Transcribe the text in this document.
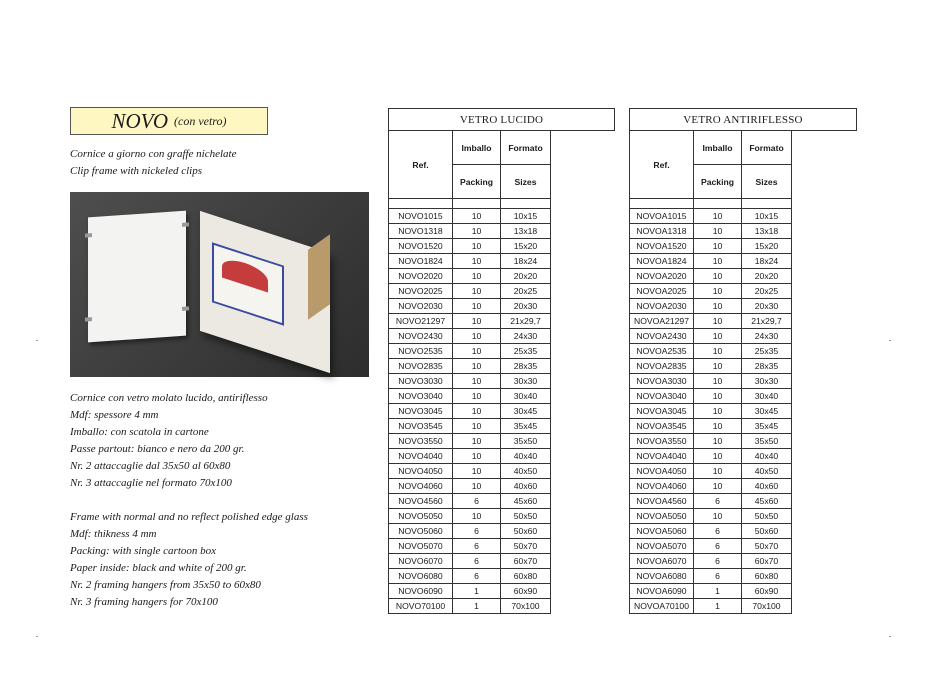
NOVO (con vetro)
Cornice a giorno con graffe nichelate
Clip frame with nickeled clips
Cornice con vetro molato lucido, antiriflesso
Mdf: spessore 4 mm
Imballo: con scatola in cartone
Passe partout: bianco e nero da 200 gr.
Nr. 2 attaccaglie dal 35x50 al 60x80
Nr. 3 attaccaglie nel formato 70x100
Frame with normal and no reflect polished edge glass
Mdf: thikness 4 mm
Packing: with single cartoon box
Paper inside: black and white of 200 gr.
Nr. 2 framing hangers from 35x50 to 60x80
Nr. 3 framing hangers for 70x100
VETRO LUCIDO
Ref.	Imballo	Formato
	Packing	Sizes

NOVO1015	10	10x15
NOVO1318	10	13x18
NOVO1520	10	15x20
NOVO1824	10	18x24
NOVO2020	10	20x20
NOVO2025	10	20x25
NOVO2030	10	20x30
NOVO21297	10	21x29,7
NOVO2430	10	24x30
NOVO2535	10	25x35
NOVO2835	10	28x35
NOVO3030	10	30x30
NOVO3040	10	30x40
NOVO3045	10	30x45
NOVO3545	10	35x45
NOVO3550	10	35x50
NOVO4040	10	40x40
NOVO4050	10	40x50
NOVO4060	10	40x60
NOVO4560	6	45x60
NOVO5050	10	50x50
NOVO5060	6	50x60
NOVO5070	6	50x70
NOVO6070	6	60x70
NOVO6080	6	60x80
NOVO6090	1	60x90
NOVO70100	1	70x100
VETRO ANTIRIFLESSO
Ref.	Imballo	Formato
	Packing	Sizes

NOVOA1015	10	10x15
NOVOA1318	10	13x18
NOVOA1520	10	15x20
NOVOA1824	10	18x24
NOVOA2020	10	20x20
NOVOA2025	10	20x25
NOVOA2030	10	20x30
NOVOA21297	10	21x29,7
NOVOA2430	10	24x30
NOVOA2535	10	25x35
NOVOA2835	10	28x35
NOVOA3030	10	30x30
NOVOA3040	10	30x40
NOVOA3045	10	30x45
NOVOA3545	10	35x45
NOVOA3550	10	35x50
NOVOA4040	10	40x40
NOVOA4050	10	40x50
NOVOA4060	10	40x60
NOVOA4560	6	45x60
NOVOA5050	10	50x50
NOVOA5060	6	50x60
NOVOA5070	6	50x70
NOVOA6070	6	60x70
NOVOA6080	6	60x80
NOVOA6090	1	60x90
NOVOA70100	1	70x100
